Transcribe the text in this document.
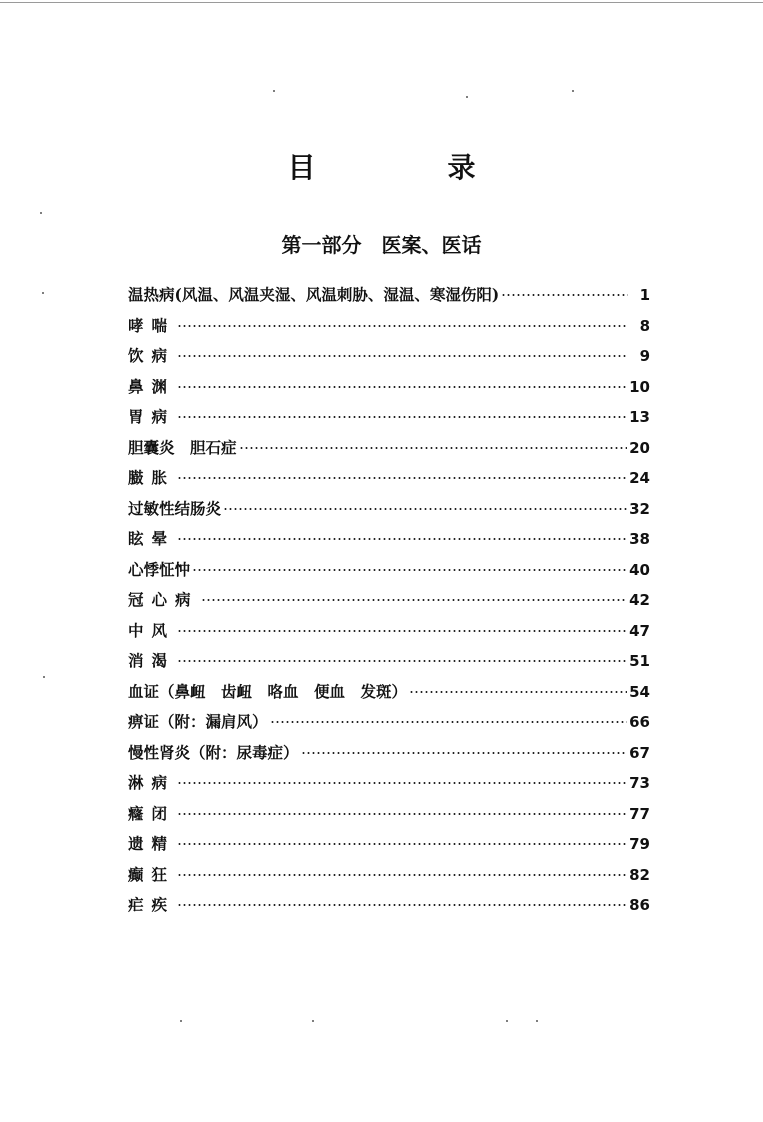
目　录
第一部分　医案、医话
温热病(风温、风温夹湿、风温刺胁、湿温、寒湿伤阳)	1
哮喘	8
饮病	9
鼻渊	10
胃病	13
胆囊炎　胆石症	20
臌胀	24
过敏性结肠炎	32
眩晕	38
心悸怔忡	40
冠心病	42
中风	47
消渴	51
血证（鼻衄　齿衄　咯血　便血　发斑）	54
痹证（附：漏肩风）	66
慢性肾炎（附：尿毒症）	67
淋病	73
癃闭	77
遗精	79
癫狂	82
疟疾	86
